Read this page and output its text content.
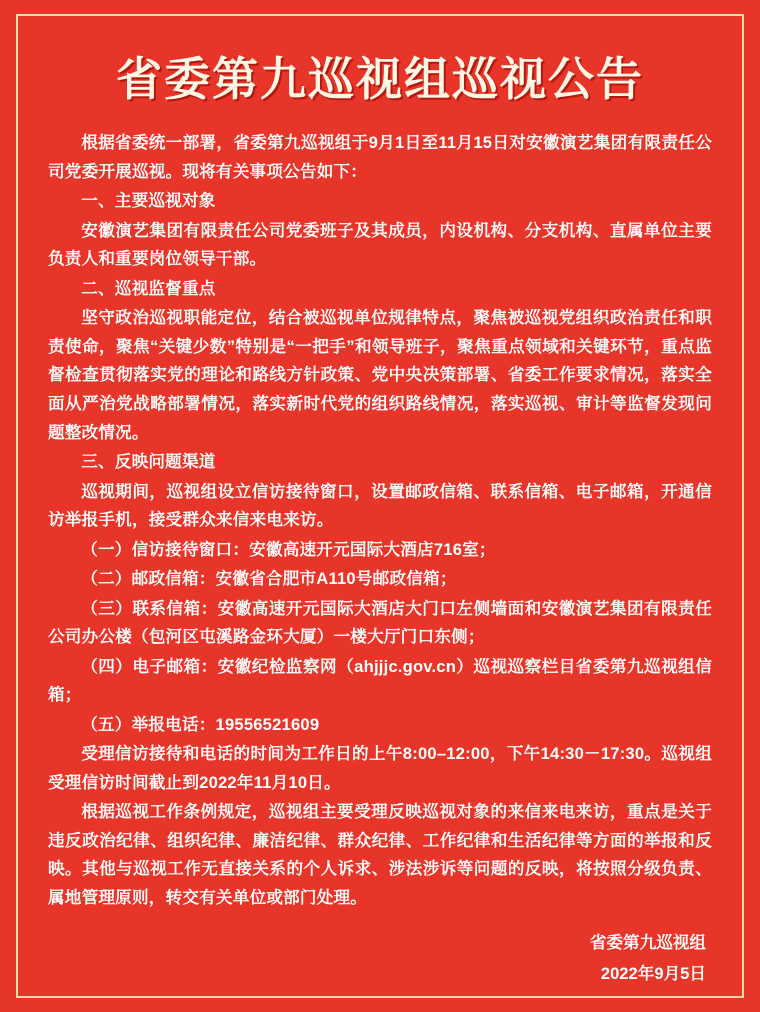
省委第九巡视组巡视公告

根据省委统一部署，省委第九巡视组于9月1日至11月15日对安徽演艺集团有限责任公司党委开展巡视。现将有关事项公告如下：

一、主要巡视对象

安徽演艺集团有限责任公司党委班子及其成员，内设机构、分支机构、直属单位主要负责人和重要岗位领导干部。

二、巡视监督重点

坚守政治巡视职能定位，结合被巡视单位规律特点，聚焦被巡视党组织政治责任和职责使命，聚焦“关键少数”特别是“一把手”和领导班子，聚焦重点领域和关键环节，重点监督检查贯彻落实党的理论和路线方针政策、党中央决策部署、省委工作要求情况，落实全面从严治党战略部署情况，落实新时代党的组织路线情况，落实巡视、审计等监督发现问题整改情况。

三、反映问题渠道

巡视期间，巡视组设立信访接待窗口，设置邮政信箱、联系信箱、电子邮箱，开通信访举报手机，接受群众来信来电来访。

（一）信访接待窗口：安徽高速开元国际大酒店716室；

（二）邮政信箱：安徽省合肥市A110号邮政信箱；

（三）联系信箱：安徽高速开元国际大酒店大门口左侧墙面和安徽演艺集团有限责任公司办公楼（包河区屯溪路金环大厦）一楼大厅门口东侧；

（四）电子邮箱：安徽纪检监察网（ahjjjc.gov.cn）巡视巡察栏目省委第九巡视组信箱；

（五）举报电话：19556521609

受理信访接待和电话的时间为工作日的上午8:00–12:00，下午14:30－17:30。巡视组受理信访时间截止到2022年11月10日。

根据巡视工作条例规定，巡视组主要受理反映巡视对象的来信来电来访，重点是关于违反政治纪律、组织纪律、廉洁纪律、群众纪律、工作纪律和生活纪律等方面的举报和反映。其他与巡视工作无直接关系的个人诉求、涉法涉诉等问题的反映，将按照分级负责、属地管理原则，转交有关单位或部门处理。

省委第九巡视组
2022年9月5日
